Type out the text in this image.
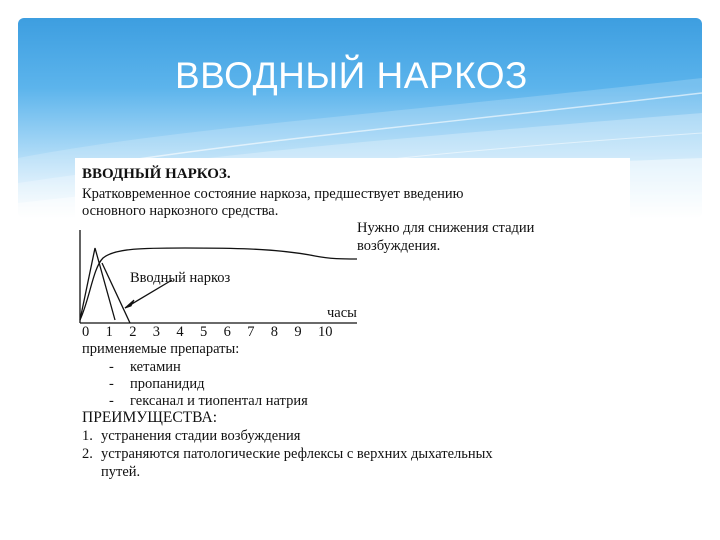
ВВОДНЫЙ НАРКОЗ
ВВОДНЫЙ НАРКОЗ.
Кратковременное состояние наркоза, предшествует введению
основного наркозного средства.
Нужно для снижения стадии
возбуждения.
Вводный наркоз
часы
0 1 2 3 4 5 6 7 8 9 10
применяемые препараты:
- кетамин
- пропанидид
- гексанал и тиопентал натрия
ПРЕИМУЩЕСТВА:
1. устранения стадии возбуждения
2. устраняются патологические рефлексы с верхних дыхательных
путей.
